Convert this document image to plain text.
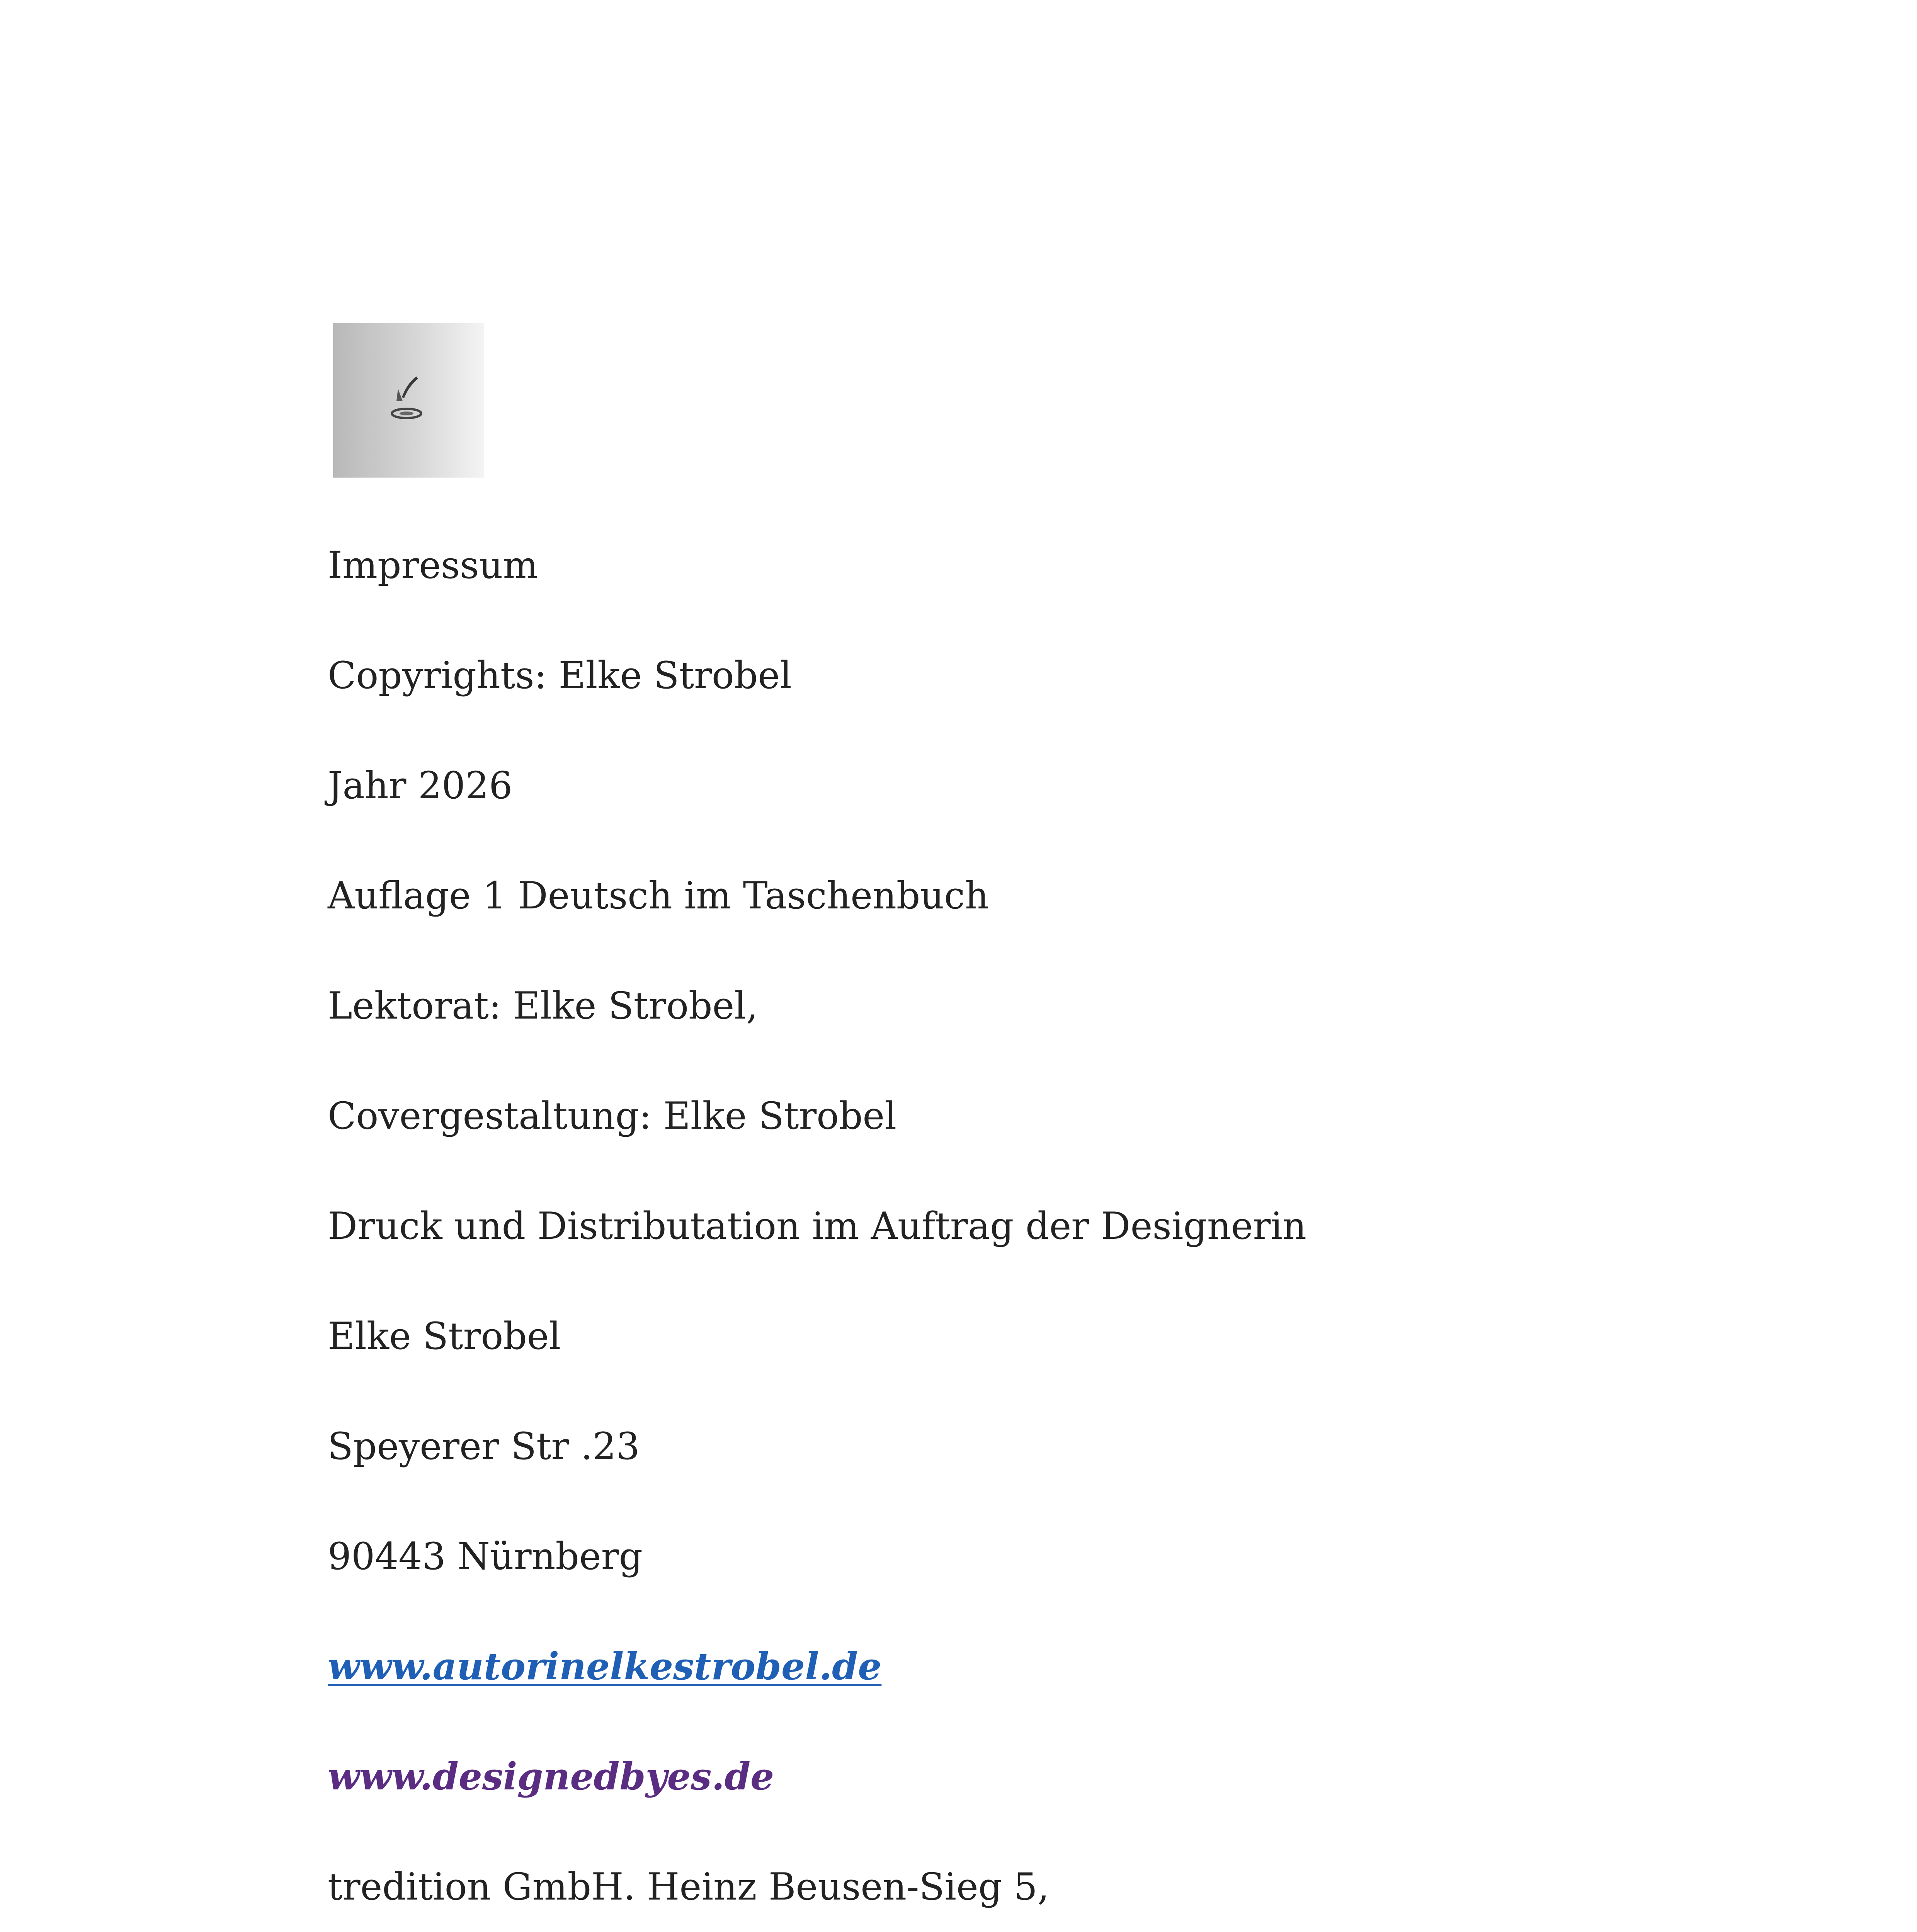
Impressum
Copyrights: Elke Strobel
Jahr 2026
Auflage 1 Deutsch im Taschenbuch
Lektorat: Elke Strobel,
Covergestaltung: Elke Strobel
Druck und Distributation im Auftrag der Designerin
Elke Strobel
Speyerer Str .23
90443 Nürnberg
www.autorinelkestrobel.de
www.designedbyes.de
tredition GmbH. Heinz Beusen-Sieg 5,
